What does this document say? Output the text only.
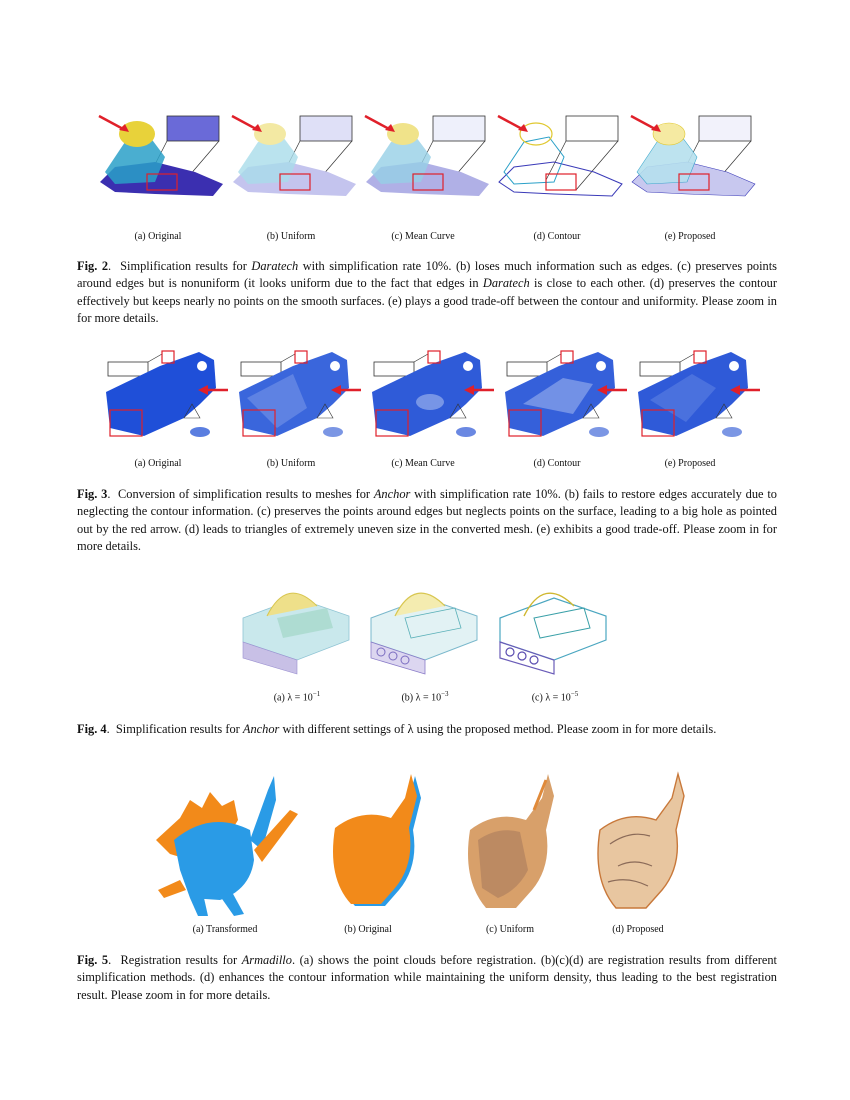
(a) Original	(b) Uniform	(c) Mean Curve	(d) Contour	(e) Proposed
Fig. 2.  Simplification results for Daratech with simplification rate 10%. (b) loses much information such as edges. (c) preserves points around edges but is nonuniform (it looks uniform due to the fact that edges in Daratech is close to each other. (d) preserves the contour effectively but keeps nearly no points on the smooth surfaces. (e) plays a good trade-off between the contour and uniformity. Please zoom in for more details.
(a) Original	(b) Uniform	(c) Mean Curve	(d) Contour	(e) Proposed
Fig. 3.  Conversion of simplification results to meshes for Anchor with simplification rate 10%. (b) fails to restore edges accurately due to neglecting the contour information. (c) preserves the points around edges but neglects points on the surface, leading to a big hole as pointed out by the red arrow. (d) leads to triangles of extremely uneven size in the converted mesh. (e) exhibits a good trade-off. Please zoom in for more details.
(a) $\lambda = 10^{-1}$	(b) $\lambda = 10^{-3}$	(c) $\lambda = 10^{-5}$
Fig. 4.  Simplification results for Anchor with different settings of λ using the proposed method. Please zoom in for more details.
(a) Transformed	(b) Original	(c) Uniform	(d) Proposed
Fig. 5.  Registration results for Armadillo. (a) shows the point clouds before registration. (b)(c)(d) are registration results from different simplification methods. (d) enhances the contour information while maintaining the uniform density, thus leading to the best registration result. Please zoom in for more details.
